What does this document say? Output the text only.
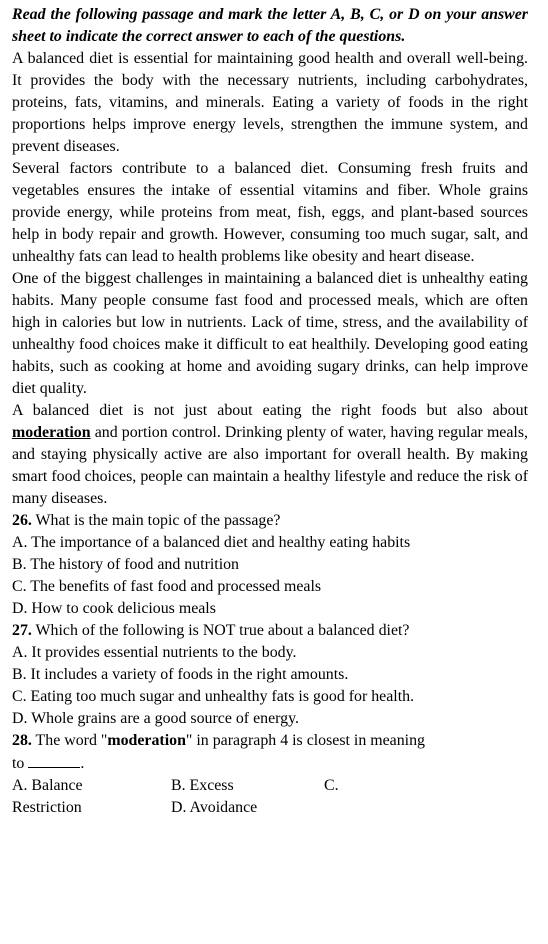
Read the following passage and mark the letter A, B, C, or D on your answer sheet to indicate the correct answer to each of the questions.

A balanced diet is essential for maintaining good health and overall well-being. It provides the body with the necessary nutrients, including carbohydrates, proteins, fats, vitamins, and minerals. Eating a variety of foods in the right proportions helps improve energy levels, strengthen the immune system, and prevent diseases.

Several factors contribute to a balanced diet. Consuming fresh fruits and vegetables ensures the intake of essential vitamins and fiber. Whole grains provide energy, while proteins from meat, fish, eggs, and plant-based sources help in body repair and growth. However, consuming too much sugar, salt, and unhealthy fats can lead to health problems like obesity and heart disease.

One of the biggest challenges in maintaining a balanced diet is unhealthy eating habits. Many people consume fast food and processed meals, which are often high in calories but low in nutrients. Lack of time, stress, and the availability of unhealthy food choices make it difficult to eat healthily. Developing good eating habits, such as cooking at home and avoiding sugary drinks, can help improve diet quality.

A balanced diet is not just about eating the right foods but also about moderation and portion control. Drinking plenty of water, having regular meals, and staying physically active are also important for overall health. By making smart food choices, people can maintain a healthy lifestyle and reduce the risk of many diseases.

26. What is the main topic of the passage?

A. The importance of a balanced diet and healthy eating habits

B. The history of food and nutrition

C. The benefits of fast food and processed meals

D. How to cook delicious meals

27. Which of the following is NOT true about a balanced diet?

A. It provides essential nutrients to the body.

B. It includes a variety of foods in the right amounts.

C. Eating too much sugar and unhealthy fats is good for health.

D. Whole grains are a good source of energy.

28. The word "moderation" in paragraph 4 is closest in meaning

to	.

A. Balance	B. Excess	C.
Restriction	D. Avoidance
